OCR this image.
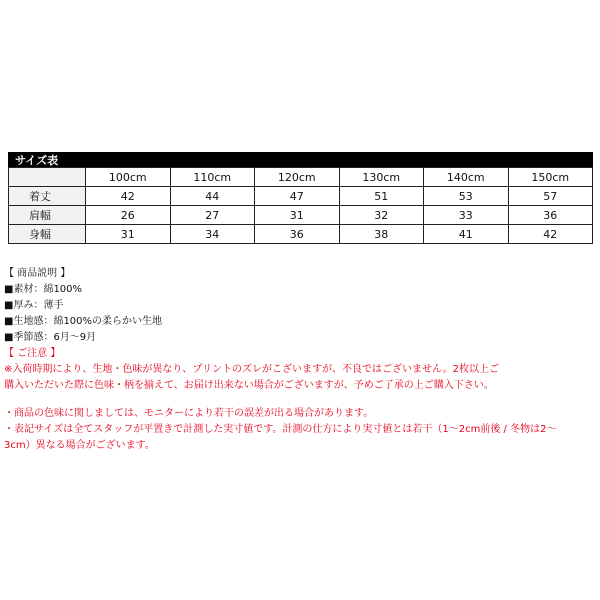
サイズ表
	100cm	110cm	120cm	130cm	140cm	150cm
着丈	42	44	47	51	53	57
肩幅	26	27	31	32	33	36
身幅	31	34	36	38	41	42
【 商品説明 】
■素材：綿100%
■厚み：薄手
■生地感：綿100%の柔らかい生地
■季節感：6月～9月
【 ご注意 】
※入荷時期により、生地・色味が異なり、プリントのズレがこざいますが、不良ではございません。2枚以上ご
購入いただいた際に色味・柄を揃えて、お届け出来ない場合がございますが、予めご了承の上ご購入下さい。
・商品の色味に関しましては、モニターにより若干の誤差が出る場合があります。
・表記サイズは全てスタッフが平置きで計測した実寸値です。計測の仕方により実寸値とは若干（1～2cm前後 / 冬物は2～
3cm）異なる場合がございます。
